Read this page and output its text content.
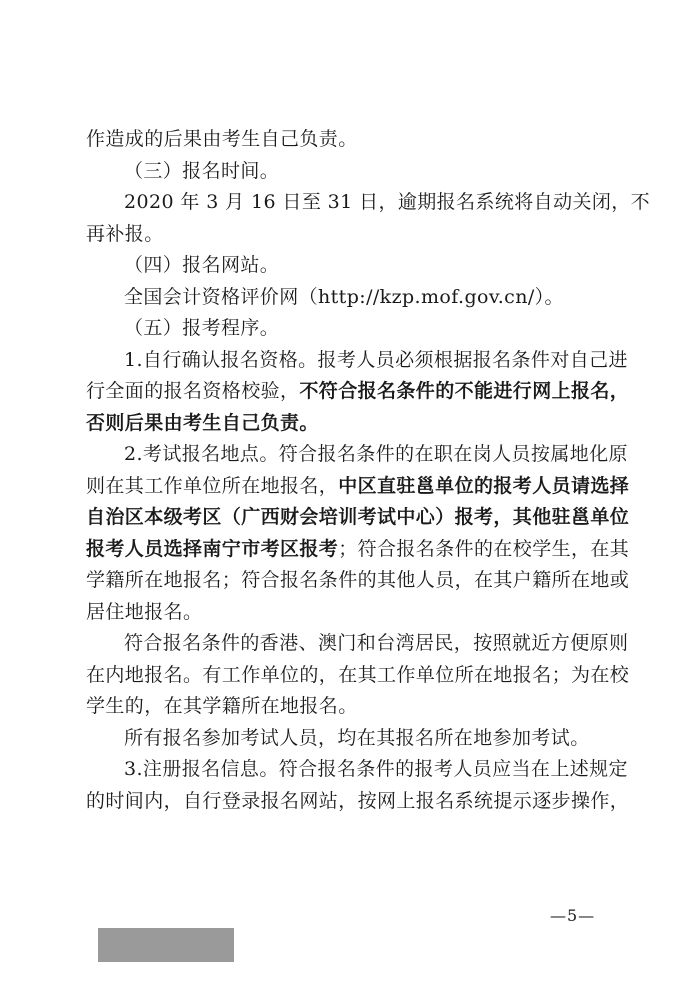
作造成的后果由考生自己负责。

（三）报名时间。

2020 年 3 月 16 日至 31 日，逾期报名系统将自动关闭，不
再补报。

（四）报名网站。

全国会计资格评价网（http://kzp.mof.gov.cn/）。

（五）报考程序。

1.自行确认报名资格。报考人员必须根据报名条件对自己进
行全面的报名资格校验，不符合报名条件的不能进行网上报名，
否则后果由考生自己负责。

2.考试报名地点。符合报名条件的在职在岗人员按属地化原
则在其工作单位所在地报名，中区直驻邕单位的报考人员请选择
自治区本级考区（广西财会培训考试中心）报考，其他驻邕单位
报考人员选择南宁市考区报考；符合报名条件的在校学生，在其
学籍所在地报名；符合报名条件的其他人员，在其户籍所在地或
居住地报名。

符合报名条件的香港、澳门和台湾居民，按照就近方便原则
在内地报名。有工作单位的，在其工作单位所在地报名；为在校
学生的，在其学籍所在地报名。

所有报名参加考试人员，均在其报名所在地参加考试。

3.注册报名信息。符合报名条件的报考人员应当在上述规定
的时间内，自行登录报名网站，按网上报名系统提示逐步操作，

—5—
